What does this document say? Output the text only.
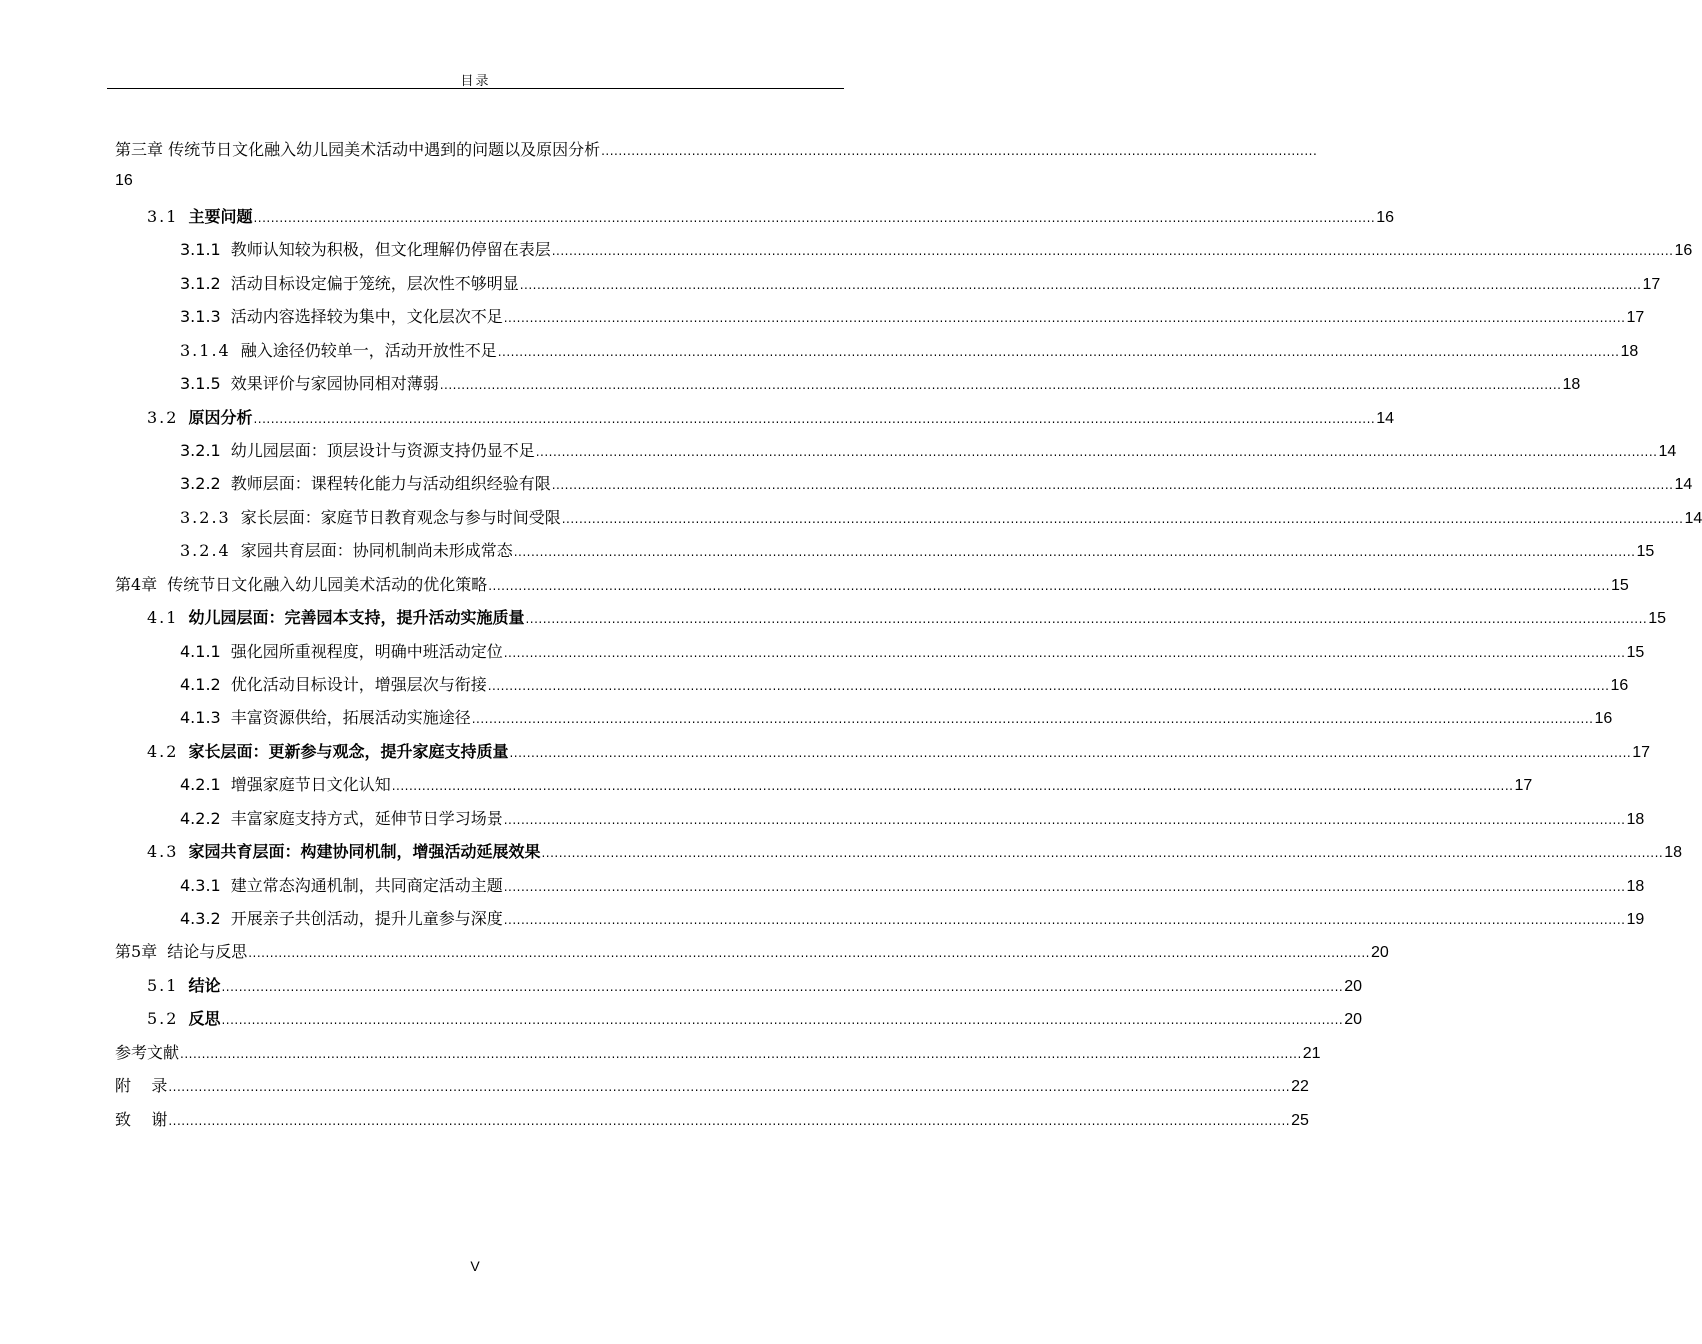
目录
第三章 传统节日文化融入幼儿园美术活动中遇到的问题以及原因分析 ......................................................................................................................................................................
16
3.1 主要问题 .................................................................................................................................................................................................................................................................... 16
3.1.1 教师认知较为积极，但文化理解仍停留在表层 .................................................................................................................................................................................................................................................................... 16
3.1.2 活动目标设定偏于笼统，层次性不够明显 .................................................................................................................................................................................................................................................................... 17
3.1.3 活动内容选择较为集中，文化层次不足 .................................................................................................................................................................................................................................................................... 17
3.1.4 融入途径仍较单一，活动开放性不足 .................................................................................................................................................................................................................................................................... 18
3.1.5 效果评价与家园协同相对薄弱 .................................................................................................................................................................................................................................................................... 18
3.2 原因分析 .................................................................................................................................................................................................................................................................... 14
3.2.1 幼儿园层面：顶层设计与资源支持仍显不足 .................................................................................................................................................................................................................................................................... 14
3.2.2 教师层面：课程转化能力与活动组织经验有限 .................................................................................................................................................................................................................................................................... 14
3.2.3 家长层面：家庭节日教育观念与参与时间受限 .................................................................................................................................................................................................................................................................... 14
3.2.4 家园共育层面：协同机制尚未形成常态 .................................................................................................................................................................................................................................................................... 15
第4章 传统节日文化融入幼儿园美术活动的优化策略 .................................................................................................................................................................................................................................................................... 15
4.1 幼儿园层面：完善园本支持，提升活动实施质量 .................................................................................................................................................................................................................................................................... 15
4.1.1 强化园所重视程度，明确中班活动定位 .................................................................................................................................................................................................................................................................... 15
4.1.2 优化活动目标设计，增强层次与衔接 .................................................................................................................................................................................................................................................................... 16
4.1.3 丰富资源供给，拓展活动实施途径 .................................................................................................................................................................................................................................................................... 16
4.2 家长层面：更新参与观念，提升家庭支持质量 .................................................................................................................................................................................................................................................................... 17
4.2.1 增强家庭节日文化认知 .................................................................................................................................................................................................................................................................... 17
4.2.2 丰富家庭支持方式，延伸节日学习场景 .................................................................................................................................................................................................................................................................... 18
4.3 家园共育层面：构建协同机制，增强活动延展效果 .................................................................................................................................................................................................................................................................... 18
4.3.1 建立常态沟通机制，共同商定活动主题 .................................................................................................................................................................................................................................................................... 18
4.3.2 开展亲子共创活动，提升儿童参与深度 .................................................................................................................................................................................................................................................................... 19
第5章 结论与反思 .................................................................................................................................................................................................................................................................... 20
5.1 结论 .................................................................................................................................................................................................................................................................... 20
5.2 反思 .................................................................................................................................................................................................................................................................... 20
参考文献 .................................................................................................................................................................................................................................................................... 21
附    录 .................................................................................................................................................................................................................................................................... 22
致    谢 .................................................................................................................................................................................................................................................................... 25
V
